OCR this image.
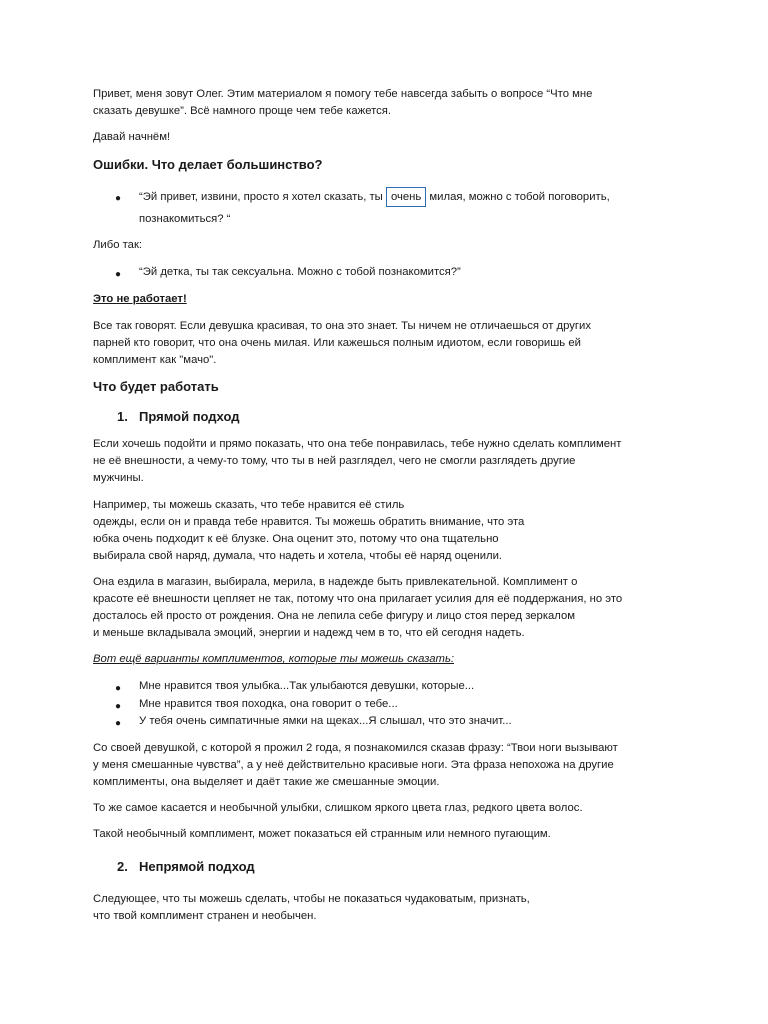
Привет, меня зовут Олег. Этим материалом я помогу тебе навсегда забыть о вопросе “Что мне
сказать девушке”. Всё намного проще чем тебе кажется.
Давай начнём!
Ошибки. Что делает большинство?
● “Эй привет, извини, просто я хотел сказать, ты очень милая, можно с тобой поговорить,
познакомиться? “
Либо так:
● “Эй детка, ты так сексуальна. Можно с тобой познакомится?”
Это не работает!
Все так говорят. Если девушка красивая, то она это знает. Ты ничем не отличаешься от других
парней кто говорит, что она очень милая. Или кажешься полным идиотом, если говоришь ей
комплимент как "мачо".
Что будет работать
1. Прямой подход
Если хочешь подойти и прямо показать, что она тебе понравилась, тебе нужно сделать комплимент
не её внешности, а чему-то тому, что ты в ней разглядел, чего не смогли разглядеть другие
мужчины.
Например, ты можешь сказать, что тебе нравится её стиль
одежды, если он и правда тебе нравится. Ты можешь обратить внимание, что эта
юбка очень подходит к её блузке. Она оценит это, потому что она тщательно
выбирала свой наряд, думала, что надеть и хотела, чтобы её наряд оценили.
Она ездила в магазин, выбирала, мерила, в надежде быть привлекательной. Комплимент о
красоте её внешности цепляет не так, потому что она прилагает усилия для её поддержания, но это
досталось ей просто от рождения. Она не лепила себе фигуру и лицо стоя перед зеркалом
и меньше вкладывала эмоций, энергии и надежд чем в то, что ей сегодня надеть.
Вот ещё варианты комплиментов, которые ты можешь сказать:
● Мне нравится твоя улыбка...Так улыбаются девушки, которые...
● Мне нравится твоя походка, она говорит о тебе...
● У тебя очень симпатичные ямки на щеках...Я слышал, что это значит...
Со своей девушкой, с которой я прожил 2 года, я познакомился сказав фразу: “Твои ноги вызывают
у меня смешанные чувства”, а у неё действительно красивые ноги. Эта фраза непохожа на другие
комплименты, она выделяет и даёт такие же смешанные эмоции.
То же самое касается и необычной улыбки, слишком яркого цвета глаз, редкого цвета волос.
Такой необычный комплимент, может показаться ей странным или немного пугающим.
2. Непрямой подход
Следующее, что ты можешь сделать, чтобы не показаться чудаковатым, признать,
что твой комплимент странен и необычен.
